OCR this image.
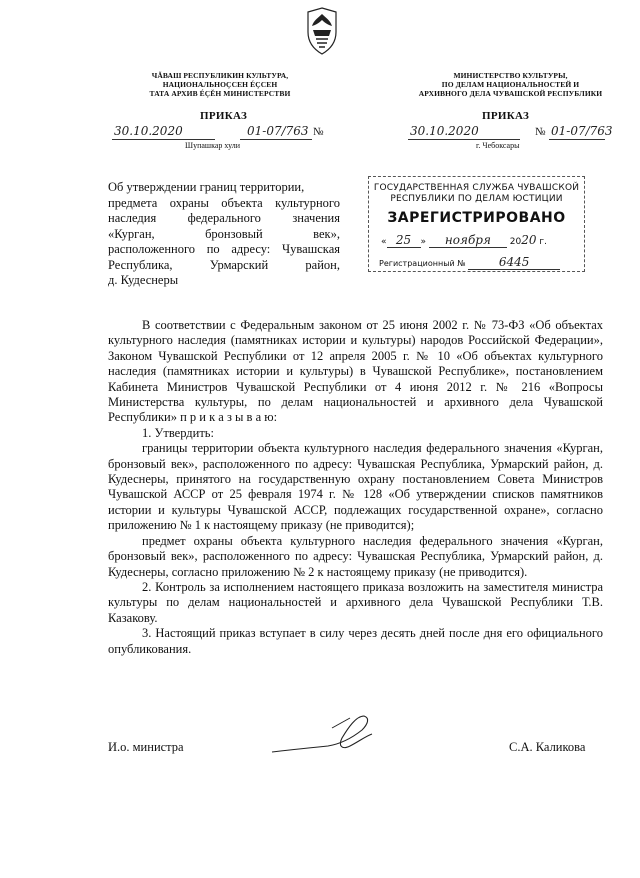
ЧĂВАШ РЕСПУБЛИКИН КУЛЬТУРА,
НАЦИОНАЛЬНОÇСЕН ÉÇСЕН
ТАТА АРХИВ ÉÇĔН МИНИСТЕРСТВИ
МИНИСТЕРСТВО КУЛЬТУРЫ,
ПО ДЕЛАМ НАЦИОНАЛЬНОСТЕЙ И
АРХИВНОГО ДЕЛА ЧУВАШСКОЙ РЕСПУБЛИКИ
ПРИКАЗ	ПРИКАЗ
30.10.2020	01-07/763 №
Шупашкар хули
30.10.2020	№ 01-07/763
г. Чебоксары
Об утверждении границ территории,
предмета охраны объекта культурного
наследия федерального значения
«Курган, бронзовый век»,
расположенного по адресу: Чувашская
Республика, Урмарский район,
д. Кудеснеры
ГОСУДАРСТВЕННАЯ СЛУЖБА ЧУВАШСКОЙ
РЕСПУБЛИКИ ПО ДЕЛАМ ЮСТИЦИИ
ЗАРЕГИСТРИРОВАНО
« 25 » ноября 2020 г.
Регистрационный №	6445

В соответствии с Федеральным законом от 25 июня 2002 г. № 73-ФЗ «Об объектах культурного наследия (памятниках истории и культуры) народов Российской Федерации», Законом Чувашской Республики от 12 апреля 2005 г. № 10 «Об объектах культурного наследия (памятниках истории и культуры) в Чувашской Республике», постановлением Кабинета Министров Чувашской Республики от 4 июня 2012 г. № 216 «Вопросы Министерства культуры, по делам национальностей и архивного дела Чувашской Республики» п р и к а з ы в а ю:

1. Утвердить:

границы территории объекта культурного наследия федерального значения «Курган, бронзовый век», расположенного по адресу: Чувашская Республика, Урмарский район, д. Кудеснеры, принятого на государственную охрану постановлением Совета Министров Чувашской АССР от 25 февраля 1974 г. № 128 «Об утверждении списков памятников истории и культуры Чувашской АССР, подлежащих государственной охране», согласно приложению № 1 к настоящему приказу (не приводится);

предмет охраны объекта культурного наследия федерального значения «Курган, бронзовый век», расположенного по адресу: Чувашская Республика, Урмарский район, д. Кудеснеры, согласно приложению № 2 к настоящему приказу (не приводится).

2. Контроль за исполнением настоящего приказа возложить на заместителя министра культуры по делам национальностей и архивного дела Чувашской Республики Т.В. Казакову.

3. Настоящий приказ вступает в силу через десять дней после дня его официального опубликования.

И.о. министра	С.А. Каликова
